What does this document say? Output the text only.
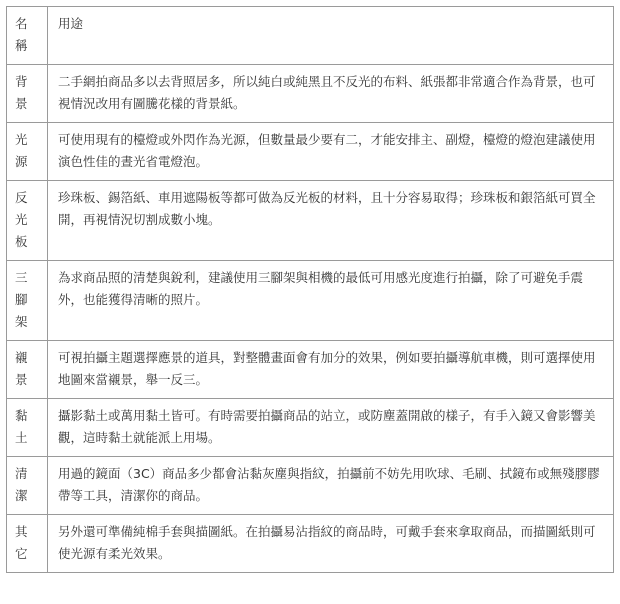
名稱	用途

背景	二手網拍商品多以去背照居多，所以純白或純黑且不反光的布料、紙張都非常適合作為背景，也可視情況改用有圖騰花樣的背景紙。

光源	可使用現有的檯燈或外閃作為光源，但數量最少要有二，才能安排主、副燈，檯燈的燈泡建議使用演色性佳的晝光省電燈泡。

反光板	珍珠板、錫箔紙、車用遮陽板等都可做為反光板的材料，且十分容易取得；珍珠板和銀箔紙可買全開，再視情況切割成數小塊。

三腳架	為求商品照的清楚與銳利，建議使用三腳架與相機的最低可用感光度進行拍攝，除了可避免手震外，也能獲得清晰的照片。

襯景	可視拍攝主題選擇應景的道具，對整體畫面會有加分的效果，例如要拍攝導航車機，則可選擇使用地圖來當襯景，舉一反三。

黏土	攝影黏土或萬用黏土皆可。有時需要拍攝商品的站立，或防塵蓋開啟的樣子，有手入鏡又會影響美觀，這時黏土就能派上用場。

清潔	用過的鏡面（3C）商品多少都會沾黏灰塵與指紋，拍攝前不妨先用吹球、毛刷、拭鏡布或無殘膠膠帶等工具，清潔你的商品。

其它	另外還可準備純棉手套與描圖紙。在拍攝易沾指紋的商品時，可戴手套來拿取商品，而描圖紙則可使光源有柔光效果。
